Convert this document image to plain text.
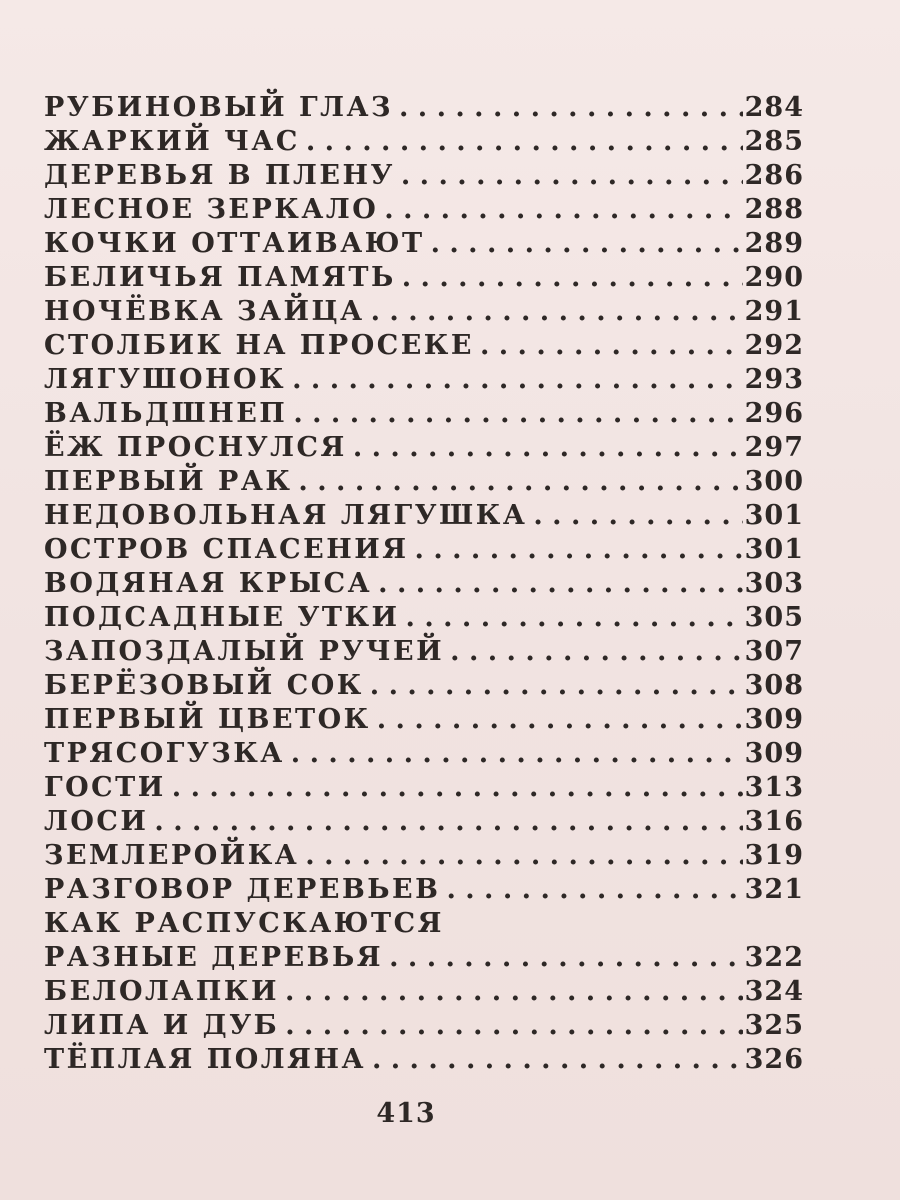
РУБИНОВЫЙ ГЛАЗ . . .	284
ЖАРКИЙ ЧАС . . .	285
ДЕРЕВЬЯ В ПЛЕНУ . . .	286
ЛЕСНОЕ ЗЕРКАЛО . . .	288
КОЧКИ ОТТАИВАЮТ . . .	289
БЕЛИЧЬЯ ПАМЯТЬ . . .	290
НОЧЁВКА ЗАЙЦА . . .	291
СТОЛБИК НА ПРОСЕКЕ . . .	292
ЛЯГУШОНОК . . .	293
ВАЛЬДШНЕП . . .	296
ЁЖ ПРОСНУЛСЯ . . .	297
ПЕРВЫЙ РАК . . .	300
НЕДОВОЛЬНАЯ ЛЯГУШКА . . .	301
ОСТРОВ СПАСЕНИЯ . . .	301
ВОДЯНАЯ КРЫСА . . .	303
ПОДСАДНЫЕ УТКИ . . .	305
ЗАПОЗДАЛЫЙ РУЧЕЙ . . .	307
БЕРЁЗОВЫЙ СОК . . .	308
ПЕРВЫЙ ЦВЕТОК . . .	309
ТРЯСОГУЗКА . . .	309
ГОСТИ . . .	313
ЛОСИ . . .	316
ЗЕМЛЕРОЙКА . . .	319
РАЗГОВОР ДЕРЕВЬЕВ . . .	321
КАК РАСПУСКАЮТСЯ
РАЗНЫЕ ДЕРЕВЬЯ . . .	322
БЕЛОЛАПКИ . . .	324
ЛИПА И ДУБ . . .	325
ТЁПЛАЯ ПОЛЯНА . . .	326
413
